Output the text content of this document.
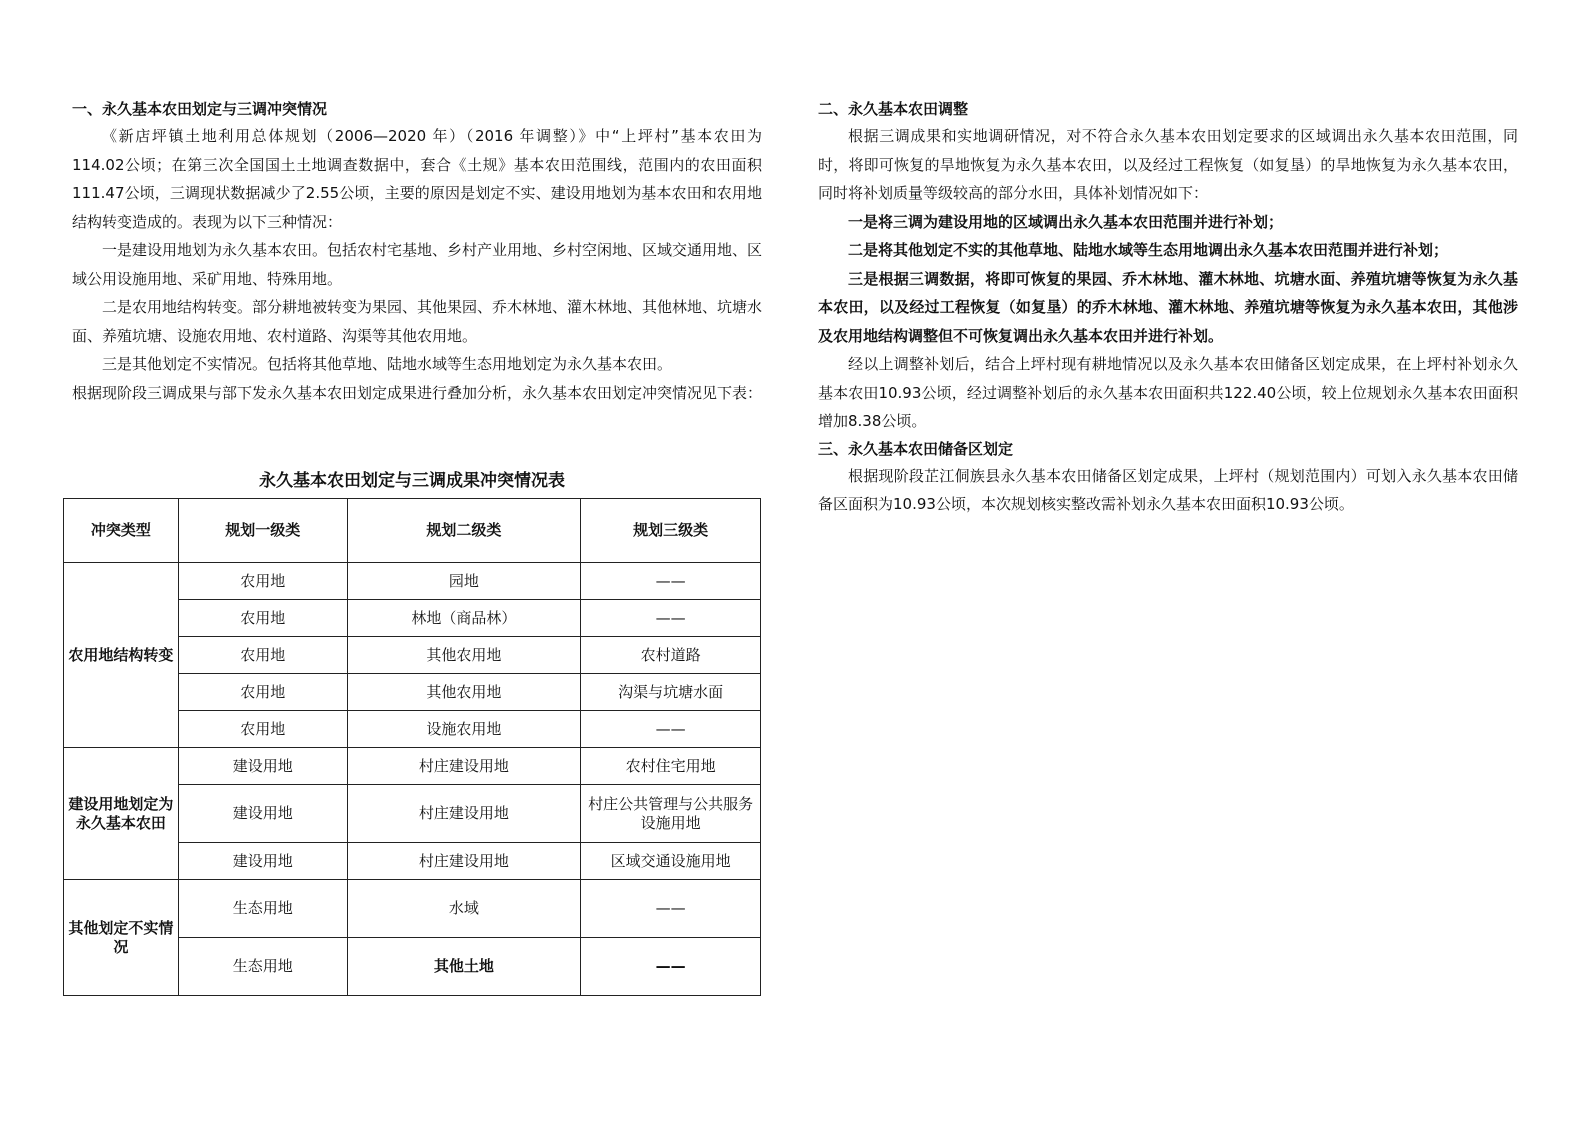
一、永久基本农田划定与三调冲突情况

《新店坪镇土地利用总体规划（2006—2020 年）（2016 年调整）》中“上坪村”基本农田为 114.02公顷；在第三次全国国土土地调查数据中，套合《土规》基本农田范围线，范围内的农田面积111.47公顷，三调现状数据减少了2.55公顷，主要的原因是划定不实、建设用地划为基本农田和农用地结构转变造成的。表现为以下三种情况：

一是建设用地划为永久基本农田。包括农村宅基地、乡村产业用地、乡村空闲地、区域交通用地、区域公用设施用地、采矿用地、特殊用地。

二是农用地结构转变。部分耕地被转变为果园、其他果园、乔木林地、灌木林地、其他林地、坑塘水面、养殖坑塘、设施农用地、农村道路、沟渠等其他农用地。

三是其他划定不实情况。包括将其他草地、陆地水域等生态用地划定为永久基本农田。

根据现阶段三调成果与部下发永久基本农田划定成果进行叠加分析，永久基本农田划定冲突情况见下表：

永久基本农田划定与三调成果冲突情况表

冲突类型	规划一级类	规划二级类	规划三级类
农用地结构转变	农用地	园地	——
	农用地	林地（商品林）	——
	农用地	其他农用地	农村道路
	农用地	其他农用地	沟渠与坑塘水面
	农用地	设施农用地	——
建设用地划定为永久基本农田	建设用地	村庄建设用地	农村住宅用地
	建设用地	村庄建设用地	村庄公共管理与公共服务设施用地
	建设用地	村庄建设用地	区域交通设施用地
其他划定不实情况	生态用地	水域	——
	生态用地	其他土地	——

二、永久基本农田调整

根据三调成果和实地调研情况，对不符合永久基本农田划定要求的区域调出永久基本农田范围，同时，将即可恢复的旱地恢复为永久基本农田，以及经过工程恢复（如复垦）的旱地恢复为永久基本农田，同时将补划质量等级较高的部分水田，具体补划情况如下：

一是将三调为建设用地的区域调出永久基本农田范围并进行补划；

二是将其他划定不实的其他草地、陆地水域等生态用地调出永久基本农田范围并进行补划；

三是根据三调数据，将即可恢复的果园、乔木林地、灌木林地、坑塘水面、养殖坑塘等恢复为永久基本农田，以及经过工程恢复（如复垦）的乔木林地、灌木林地、养殖坑塘等恢复为永久基本农田，其他涉及农用地结构调整但不可恢复调出永久基本农田并进行补划。

经以上调整补划后，结合上坪村现有耕地情况以及永久基本农田储备区划定成果，在上坪村补划永久基本农田10.93公顷，经过调整补划后的永久基本农田面积共122.40公顷，较上位规划永久基本农田面积增加8.38公顷。

三、永久基本农田储备区划定

根据现阶段芷江侗族县永久基本农田储备区划定成果，上坪村（规划范围内）可划入永久基本农田储备区面积为10.93公顷，本次规划核实整改需补划永久基本农田面积10.93公顷。
